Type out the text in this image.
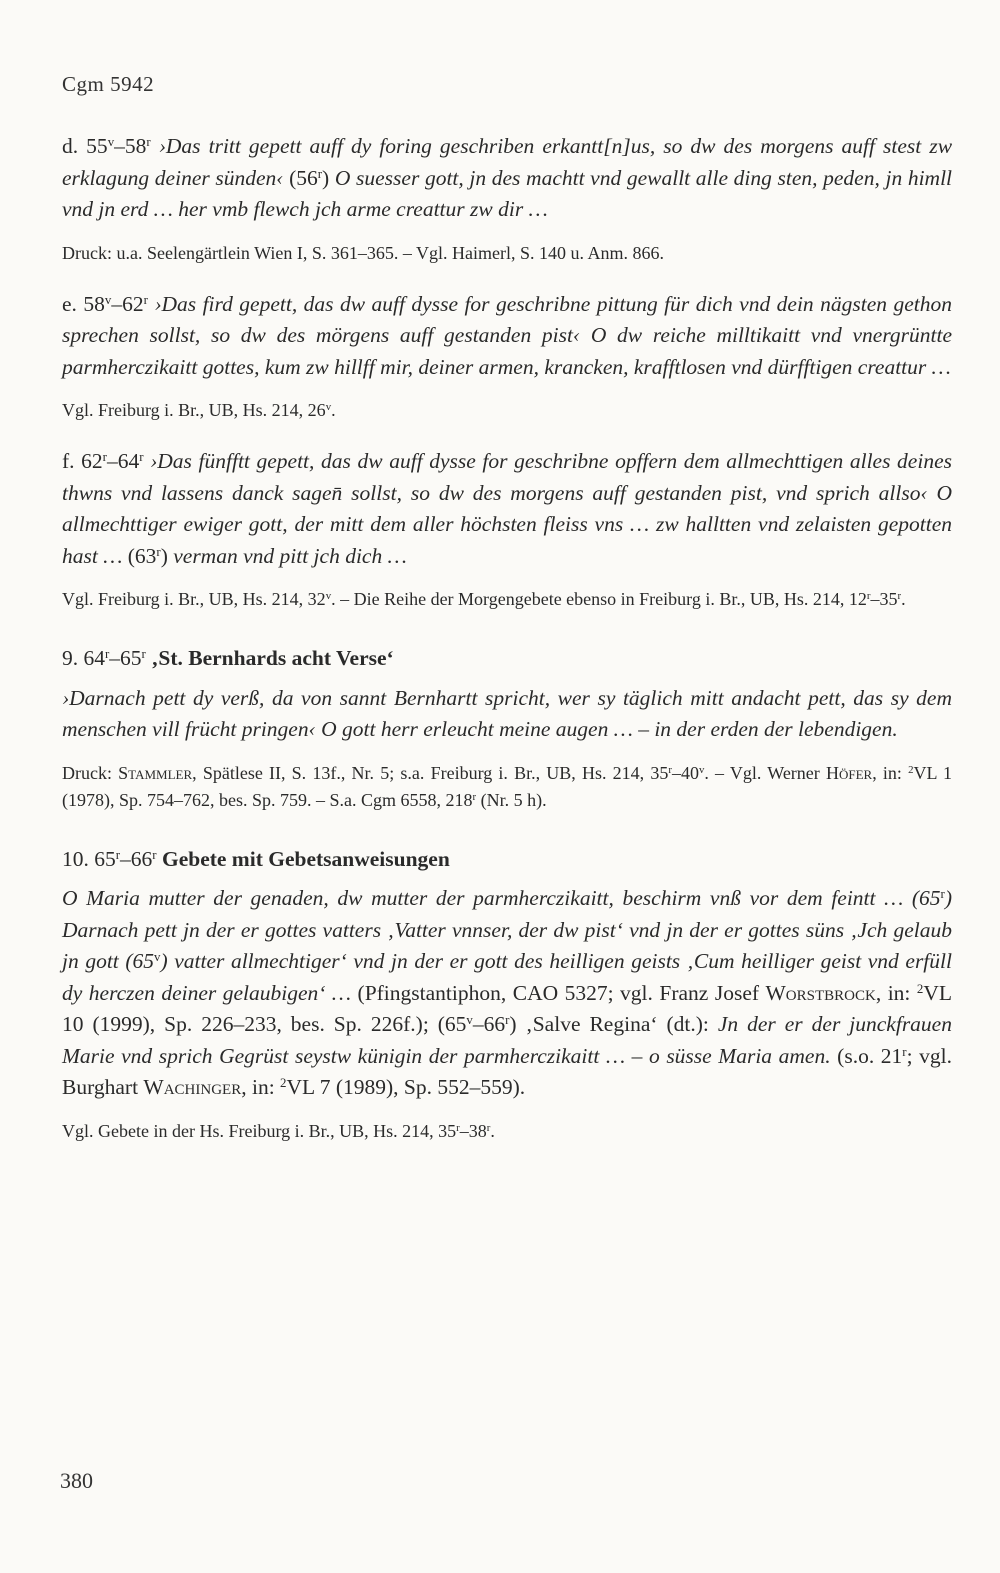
Cgm 5942
d. 55$^v$–58$^r$ ›Das tritt gepett auff dy foring geschriben erkantt[n]us, so dw des morgens auff stest zw erklagung deiner sünden‹ (56$^r$) O suesser gott, jn des machtt vnd gewallt alle ding sten, peden, jn himll vnd jn erd … her vmb flewch jch arme creattur zw dir …
Druck: u.a. Seelengärtlein Wien I, S. 361–365. – Vgl. Haimerl, S. 140 u. Anm. 866.
e. 58$^v$–62$^r$ ›Das fird gepett, das dw auff dysse for geschribne pittung für dich vnd dein nägsten gethon sprechen sollst, so dw des mörgens auff gestanden pist‹ O dw reiche milltikaitt vnd vnergrüntte parmherczikaitt gottes, kum zw hillff mir, deiner armen, krancken, krafftlosen vnd dürfftigen creattur …
Vgl. Freiburg i. Br., UB, Hs. 214, 26$^v$.
f. 62$^r$–64$^r$ ›Das fünfftt gepett, das dw auff dysse for geschribne opffern dem allmechttigen alles deines thwns vnd lassens danck sagen̄ sollst, so dw des morgens auff gestanden pist, vnd sprich allso‹ O allmechttiger ewiger gott, der mitt dem aller höchsten fleiss vns … zw halltten vnd zelaisten gepotten hast … (63$^r$) verman vnd pitt jch dich …
Vgl. Freiburg i. Br., UB, Hs. 214, 32$^v$. – Die Reihe der Morgengebete ebenso in Freiburg i. Br., UB, Hs. 214, 12$^r$–35$^r$.
9. 64$^r$–65$^r$ ‚St. Bernhards acht Verse‘
›Darnach pett dy verß, da von sannt Bernhartt spricht, wer sy täglich mitt andacht pett, das sy dem menschen vill frücht pringen‹ O gott herr erleucht meine augen … – in der erden der lebendigen.
Druck: Stammler, Spätlese II, S. 13f., Nr. 5; s.a. Freiburg i. Br., UB, Hs. 214, 35$^r$–40$^v$. – Vgl. Werner Höfer, in: $^2$VL 1 (1978), Sp. 754–762, bes. Sp. 759. – S.a. Cgm 6558, 218$^r$ (Nr. 5 h).
10. 65$^r$–66$^r$ Gebete mit Gebetsanweisungen
O Maria mutter der genaden, dw mutter der parmherczikaitt, beschirm vnß vor dem feintt … (65$^r$) Darnach pett jn der er gottes vatters ‚Vatter vnnser, der dw pist‘ vnd jn der er gottes süns ‚Jch gelaub jn gott (65$^v$) vatter allmechtiger‘ vnd jn der er gott des heilligen geists ‚Cum heilliger geist vnd erfüll dy herczen deiner gelaubigen‘ … (Pfingstantiphon, CAO 5327; vgl. Franz Josef Worstbrock, in: $^2$VL 10 (1999), Sp. 226–233, bes. Sp. 226f.); (65$^v$–66$^r$) ‚Salve Regina‘ (dt.): Jn der er der junckfrauen Marie vnd sprich Gegrüst seystw künigin der parmherczikaitt … – o süsse Maria amen. (s.o. 21$^r$; vgl. Burghart Wachinger, in: $^2$VL 7 (1989), Sp. 552–559).
Vgl. Gebete in der Hs. Freiburg i. Br., UB, Hs. 214, 35$^r$–38$^r$.
380
